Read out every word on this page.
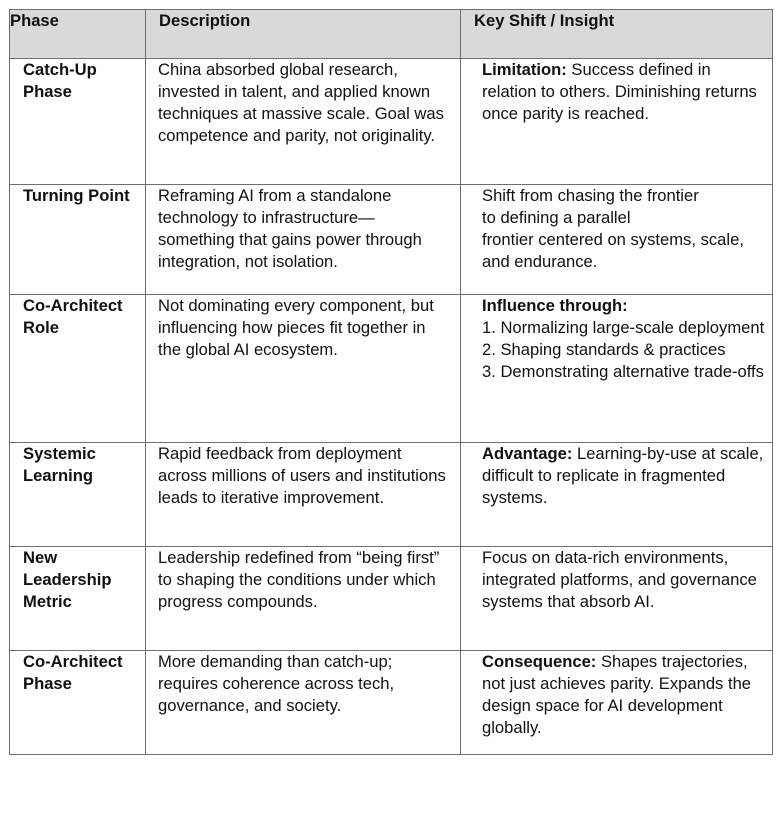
Phase	Description	Key Shift / Insight
Catch-Up Phase	China absorbed global research, invested in talent, and applied known techniques at massive scale. Goal was competence and parity, not originality.	Limitation: Success defined in relation to others. Diminishing returns once parity is reached.
Turning Point	Reframing AI from a standalone technology to infrastructure—something that gains power through integration, not isolation.	Shift from chasing the frontier
to defining a parallel
frontier centered on systems, scale, and endurance.

Co-Architect Role	Not dominating every component, but influencing how pieces fit together in the global AI ecosystem.	Influence through:
1. Normalizing large-scale deployment
2. Shaping standards & practices
3. Demonstrating alternative trade-offs

Systemic Learning	Rapid feedback from deployment across millions of users and institutions leads to iterative improvement.	Advantage: Learning-by-use at scale, difficult to replicate in fragmented systems.
New Leadership Metric	Leadership redefined from “being first” to shaping the conditions under which progress compounds.	Focus on data-rich environments, integrated platforms, and governance systems that absorb AI.
Co-Architect Phase	More demanding than catch-up; requires coherence across tech, governance, and society.	Consequence: Shapes trajectories, not just achieves parity. Expands the design space for AI development globally.
